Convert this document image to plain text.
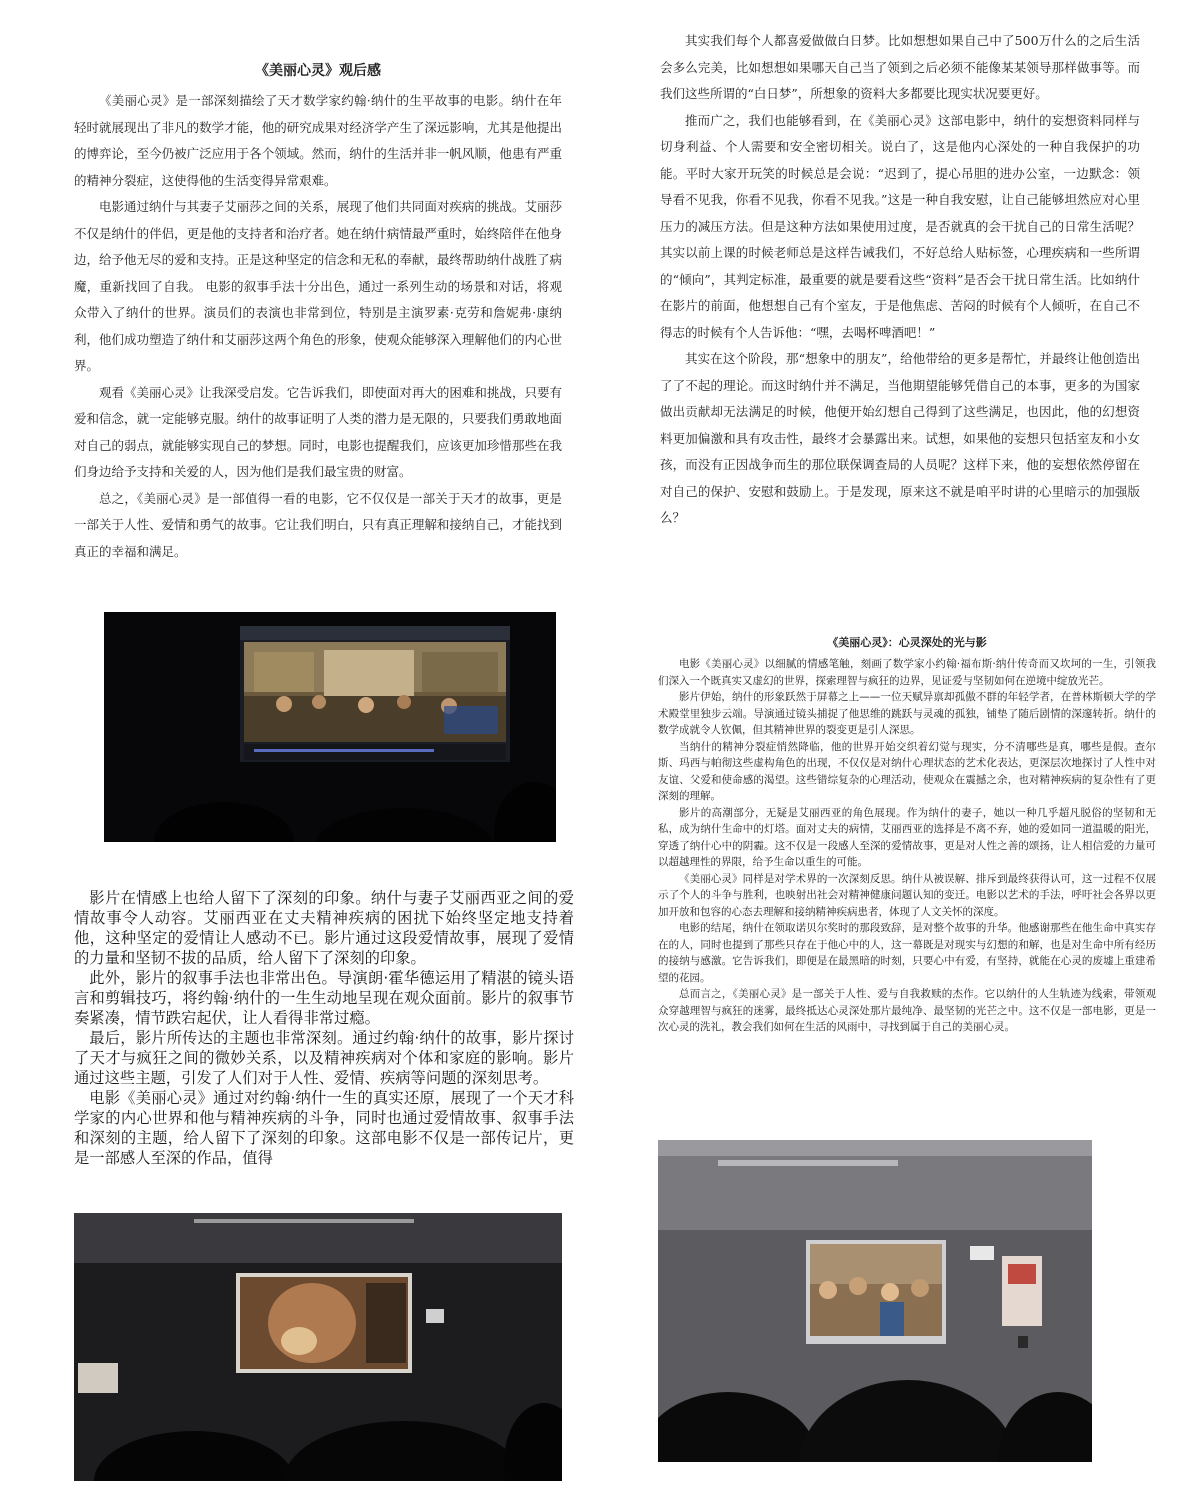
《美丽心灵》观后感

《美丽心灵》是一部深刻描绘了天才数学家约翰·纳什的生平故事的电影。纳什在年轻时就展现出了非凡的数学才能，他的研究成果对经济学产生了深远影响，尤其是他提出的博弈论，至今仍被广泛应用于各个领域。然而，纳什的生活并非一帆风顺，他患有严重的精神分裂症，这使得他的生活变得异常艰难。

电影通过纳什与其妻子艾丽莎之间的关系，展现了他们共同面对疾病的挑战。艾丽莎不仅是纳什的伴侣，更是他的支持者和治疗者。她在纳什病情最严重时，始终陪伴在他身边，给予他无尽的爱和支持。正是这种坚定的信念和无私的奉献，最终帮助纳什战胜了病魔，重新找回了自我。 电影的叙事手法十分出色，通过一系列生动的场景和对话，将观众带入了纳什的世界。演员们的表演也非常到位，特别是主演罗素·克劳和詹妮弗·康纳利，他们成功塑造了纳什和艾丽莎这两个角色的形象，使观众能够深入理解他们的内心世界。

观看《美丽心灵》让我深受启发。它告诉我们，即使面对再大的困难和挑战，只要有爱和信念，就一定能够克服。纳什的故事证明了人类的潜力是无限的，只要我们勇敢地面对自己的弱点，就能够实现自己的梦想。同时，电影也提醒我们，应该更加珍惜那些在我们身边给予支持和关爱的人，因为他们是我们最宝贵的财富。

总之，《美丽心灵》是一部值得一看的电影，它不仅仅是一部关于天才的故事，更是一部关于人性、爱情和勇气的故事。它让我们明白，只有真正理解和接纳自己，才能找到真正的幸福和满足。

其实我们每个人都喜爱做做白日梦。比如想想如果自己中了500万什么的之后生活会多么完美，比如想想如果哪天自己当了领到之后必须不能像某某领导那样做事等。而我们这些所谓的“白日梦”，所想象的资料大多都要比现实状况要更好。

推而广之，我们也能够看到，在《美丽心灵》这部电影中，纳什的妄想资料同样与切身利益、个人需要和安全密切相关。说白了，这是他内心深处的一种自我保护的功能。平时大家开玩笑的时候总是会说：“迟到了，提心吊胆的进办公室，一边默念：领导看不见我，你看不见我，你看不见我。”这是一种自我安慰，让自己能够坦然应对心里压力的减压方法。但是这种方法如果使用过度，是否就真的会干扰自己的日常生活呢？其实以前上课的时候老师总是这样告诫我们，不好总给人贴标签，心理疾病和一些所谓的“倾向”，其判定标准，最重要的就是要看这些“资料”是否会干扰日常生活。比如纳什在影片的前面，他想想自己有个室友，于是他焦虑、苦闷的时候有个人倾听，在自己不得志的时候有个人告诉他：“嘿，去喝杯啤酒吧！”

其实在这个阶段，那“想象中的朋友”，给他带给的更多是帮忙，并最终让他创造出了了不起的理论。而这时纳什并不满足，当他期望能够凭借自己的本事，更多的为国家做出贡献却无法满足的时候，他便开始幻想自己得到了这些满足，也因此，他的幻想资料更加偏激和具有攻击性，最终才会暴露出来。试想，如果他的妄想只包括室友和小女孩，而没有正因战争而生的那位联保调查局的人员呢？这样下来，他的妄想依然停留在对自己的保护、安慰和鼓励上。于是发现，原来这不就是咱平时讲的心里暗示的加强版么？

影片在情感上也给人留下了深刻的印象。纳什与妻子艾丽西亚之间的爱情故事令人动容。艾丽西亚在丈夫精神疾病的困扰下始终坚定地支持着他，这种坚定的爱情让人感动不已。影片通过这段爱情故事，展现了爱情的力量和坚韧不拔的品质，给人留下了深刻的印象。

此外，影片的叙事手法也非常出色。导演朗·霍华德运用了精湛的镜头语言和剪辑技巧，将约翰·纳什的一生生动地呈现在观众面前。影片的叙事节奏紧凑，情节跌宕起伏，让人看得非常过瘾。

最后，影片所传达的主题也非常深刻。通过约翰·纳什的故事，影片探讨了天才与疯狂之间的微妙关系，以及精神疾病对个体和家庭的影响。影片通过这些主题，引发了人们对于人性、爱情、疾病等问题的深刻思考。

电影《美丽心灵》通过对约翰·纳什一生的真实还原，展现了一个天才科学家的内心世界和他与精神疾病的斗争，同时也通过爱情故事、叙事手法和深刻的主题，给人留下了深刻的印象。这部电影不仅是一部传记片，更是一部感人至深的作品，值得

《美丽心灵》：心灵深处的光与影

电影《美丽心灵》以细腻的情感笔触，刻画了数学家小约翰·福布斯·纳什传奇而又坎坷的一生，引领我们深入一个既真实又虚幻的世界，探索理智与疯狂的边界，见证爱与坚韧如何在逆境中绽放光芒。

影片伊始，纳什的形象跃然于屏幕之上——一位天赋异禀却孤傲不群的年轻学者，在普林斯顿大学的学术殿堂里独步云端。导演通过镜头捕捉了他思维的跳跃与灵魂的孤独，铺垫了随后剧情的深邃转折。纳什的数学成就令人钦佩，但其精神世界的裂变更是引人深思。

当纳什的精神分裂症悄然降临，他的世界开始交织着幻觉与现实，分不清哪些是真，哪些是假。查尔斯、玛西与帕彻这些虚构角色的出现，不仅仅是对纳什心理状态的艺术化表达，更深层次地探讨了人性中对友谊、父爱和使命感的渴望。这些错综复杂的心理活动，使观众在震撼之余，也对精神疾病的复杂性有了更深刻的理解。

影片的高潮部分，无疑是艾丽西亚的角色展现。作为纳什的妻子，她以一种几乎超凡脱俗的坚韧和无私，成为纳什生命中的灯塔。面对丈夫的病情，艾丽西亚的选择是不离不弃，她的爱如同一道温暖的阳光，穿透了纳什心中的阴霾。这不仅是一段感人至深的爱情故事，更是对人性之善的颂扬，让人相信爱的力量可以超越理性的界限，给予生命以重生的可能。

《美丽心灵》同样是对学术界的一次深刻反思。纳什从被误解、排斥到最终获得认可，这一过程不仅展示了个人的斗争与胜利，也映射出社会对精神健康问题认知的变迁。电影以艺术的手法，呼吁社会各界以更加开放和包容的心态去理解和接纳精神疾病患者，体现了人文关怀的深度。

电影的结尾，纳什在领取诺贝尔奖时的那段致辞，是对整个故事的升华。他感谢那些在他生命中真实存在的人，同时也提到了那些只存在于他心中的人，这一幕既是对现实与幻想的和解，也是对生命中所有经历的接纳与感激。它告诉我们，即便是在最黑暗的时刻，只要心中有爱，有坚持，就能在心灵的废墟上重建希望的花园。

总而言之，《美丽心灵》是一部关于人性、爱与自我救赎的杰作。它以纳什的人生轨迹为线索，带领观众穿越理智与疯狂的迷雾，最终抵达心灵深处那片最纯净、最坚韧的光芒之中。这不仅是一部电影，更是一次心灵的洗礼，教会我们如何在生活的风雨中，寻找到属于自己的美丽心灵。
